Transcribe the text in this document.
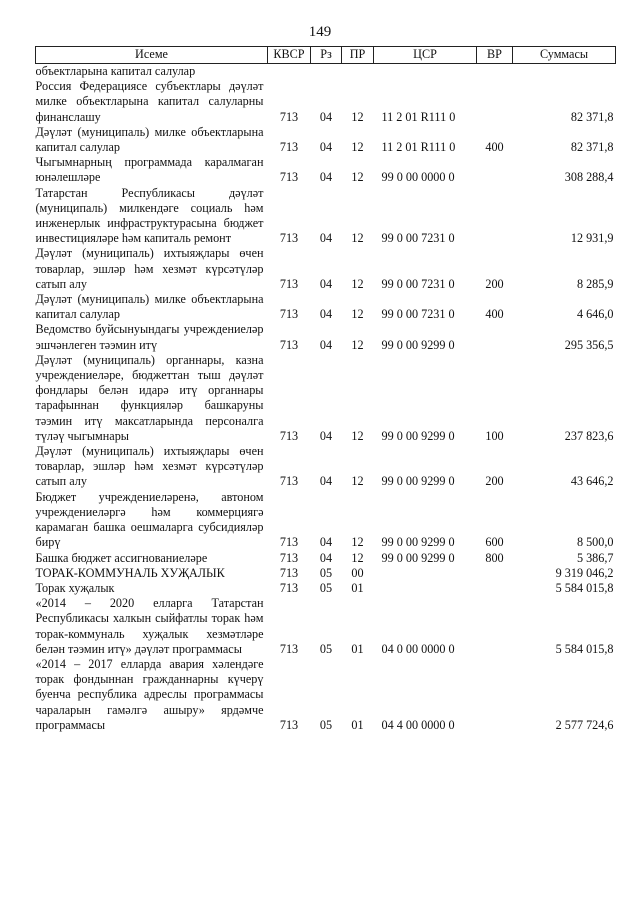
149
Исеме	КВСР	Рз	ПР	ЦСР	ВР	Суммасы
объектларына капитал салулар						
Россия Федерациясе субъектлары дәүләт милке объектларына капитал салуларны финанслашу	713	04	12	11 2 01 R111 0		82 371,8
Дәүләт (муниципаль) милке объектларына капитал салулар	713	04	12	11 2 01 R111 0	400	82 371,8
Чыгымнарның программада каралмаган юнәлешләре	713	04	12	99 0 00 0000 0		308 288,4
Татарстан Республикасы дәүләт (муниципаль) милкендәге социаль һәм инженерлык инфраструктурасына бюджет инвестицияләре һәм капиталь ремонт	713	04	12	99 0 00 7231 0		12 931,9
Дәүләт (муниципаль) ихтыяҗлары өчен товарлар, эшләр һәм хезмәт күрсәтүләр сатып алу	713	04	12	99 0 00 7231 0	200	8 285,9
Дәүләт (муниципаль) милке объектларына капитал салулар	713	04	12	99 0 00 7231 0	400	4 646,0
Ведомство буйсынуындагы учреждениеләр эшчәнлеген тәэмин итү	713	04	12	99 0 00 9299 0		295 356,5
Дәүләт (муниципаль) органнары, казна учреждениеләре, бюджеттан тыш дәүләт фондлары белән идарә итү органнары тарафыннан функцияләр башкаруны тәэмин итү максатларында персоналга түләү чыгымнары	713	04	12	99 0 00 9299 0	100	237 823,6
Дәүләт (муниципаль) ихтыяҗлары өчен товарлар, эшләр һәм хезмәт күрсәтүләр сатып алу	713	04	12	99 0 00 9299 0	200	43 646,2
Бюджет учреждениеләренә, автоном учреждениеләргә һәм коммерциягә карамаган башка оешмаларга субсидияләр бирү	713	04	12	99 0 00 9299 0	600	8 500,0
Башка бюджет ассигнованиеләре	713	04	12	99 0 00 9299 0	800	5 386,7
ТОРАК-КОММУНАЛЬ ХУҖАЛЫК	713	05	00			9 319 046,2
Торак хуҗалык	713	05	01			5 584 015,8
«2014 – 2020 елларга Татарстан Республикасы халкын сыйфатлы торак һәм торак-коммуналь хуҗалык хезмәтләре белән тәэмин итү» дәүләт программасы	713	05	01	04 0 00 0000 0		5 584 015,8
«2014 – 2017 елларда авария хәлендәге торак фондыннан гражданнарны күчерү буенча республика адреслы программасы чараларын гамәлгә ашыру» ярдәмче программасы	713	05	01	04 4 00 0000 0		2 577 724,6
